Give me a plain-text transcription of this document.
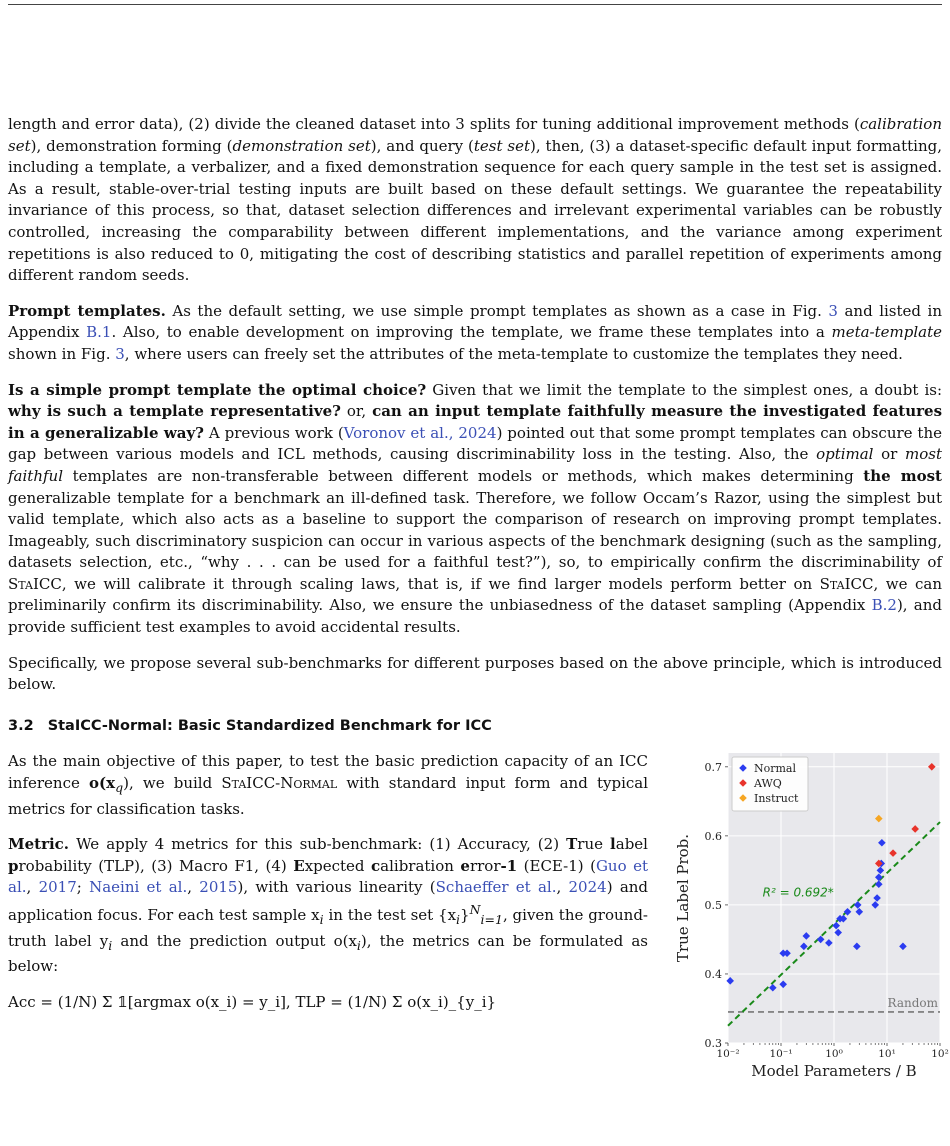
length and error data), (2) divide the cleaned dataset into 3 splits for tuning additional improvement methods (calibration set), demonstration forming (demonstration set), and query (test set), then, (3) a dataset-specific default input formatting, including a template, a verbalizer, and a fixed demonstration sequence for each query sample in the test set is assigned. As a result, stable-over-trial testing inputs are built based on these default settings. We guarantee the repeatability invariance of this process, so that, dataset selection differences and irrelevant experimental variables can be robustly controlled, increasing the comparability between different implementations, and the variance among experiment repetitions is also reduced to 0, mitigating the cost of describing statistics and parallel repetition of experiments among different random seeds.

Prompt templates. As the default setting, we use simple prompt templates as shown as a case in Fig. 3 and listed in Appendix B.1. Also, to enable development on improving the template, we frame these templates into a meta-template shown in Fig. 3, where users can freely set the attributes of the meta-template to customize the templates they need.

Is a simple prompt template the optimal choice? Given that we limit the template to the simplest ones, a doubt is: why is such a template representative? or, can an input template faithfully measure the investigated features in a generalizable way? A previous work (Voronov et al., 2024) pointed out that some prompt templates can obscure the gap between various models and ICL methods, causing discriminability loss in the testing. Also, the optimal or most faithful templates are non-transferable between different models or methods, which makes determining the most generalizable template for a benchmark an ill-defined task. Therefore, we follow Occam’s Razor, using the simplest but valid template, which also acts as a baseline to support the comparison of research on improving prompt templates. Imageably, such discriminatory suspicion can occur in various aspects of the benchmark designing (such as the sampling, datasets selection, etc., “why . . . can be used for a faithful test?”), so, to empirically confirm the discriminability of StaICC, we will calibrate it through scaling laws, that is, if we find larger models perform better on StaICC, we can preliminarily confirm its discriminability. Also, we ensure the unbiasedness of the dataset sampling (Appendix B.2), and provide sufficient test examples to avoid accidental results.

Specifically, we propose several sub-benchmarks for different purposes based on the above principle, which is introduced below.

3.2 StaICC-Normal: Basic Standardized Benchmark for ICC

As the main objective of this paper, to test the basic prediction capacity of an ICC inference $o(x_q)$, we build StaICC-Normal with standard input form and typical metrics for classification tasks.

Metric. We apply 4 metrics for this sub-benchmark: (1) Accuracy, (2) True label probability (TLP), (3) Macro F1, (4) Expected calibration error-1 (ECE-1) (Guo et al., 2017; Naeini et al., 2015), with various linearity (Schaeffer et al., 2024) and application focus. For each test sample $x_i$ in the test set $\{x_i\}^N_{i=1}$, given the ground-truth label $y_i$ and the prediction output $o(x_i)$, the metrics can be formulated as below:

Acc = (1/N) Σ 𝟙[argmax o(x_i) = y_i], TLP = (1/N) Σ o(x_i)_{y_i}
0.3
0.4
0.5
0.6
0.7
10⁻²	10⁻¹	10⁰	10¹	10²
Model Parameters / B
True Label Prob.
Random
R² = 0.692*
Normal
AWQ
Instruct
